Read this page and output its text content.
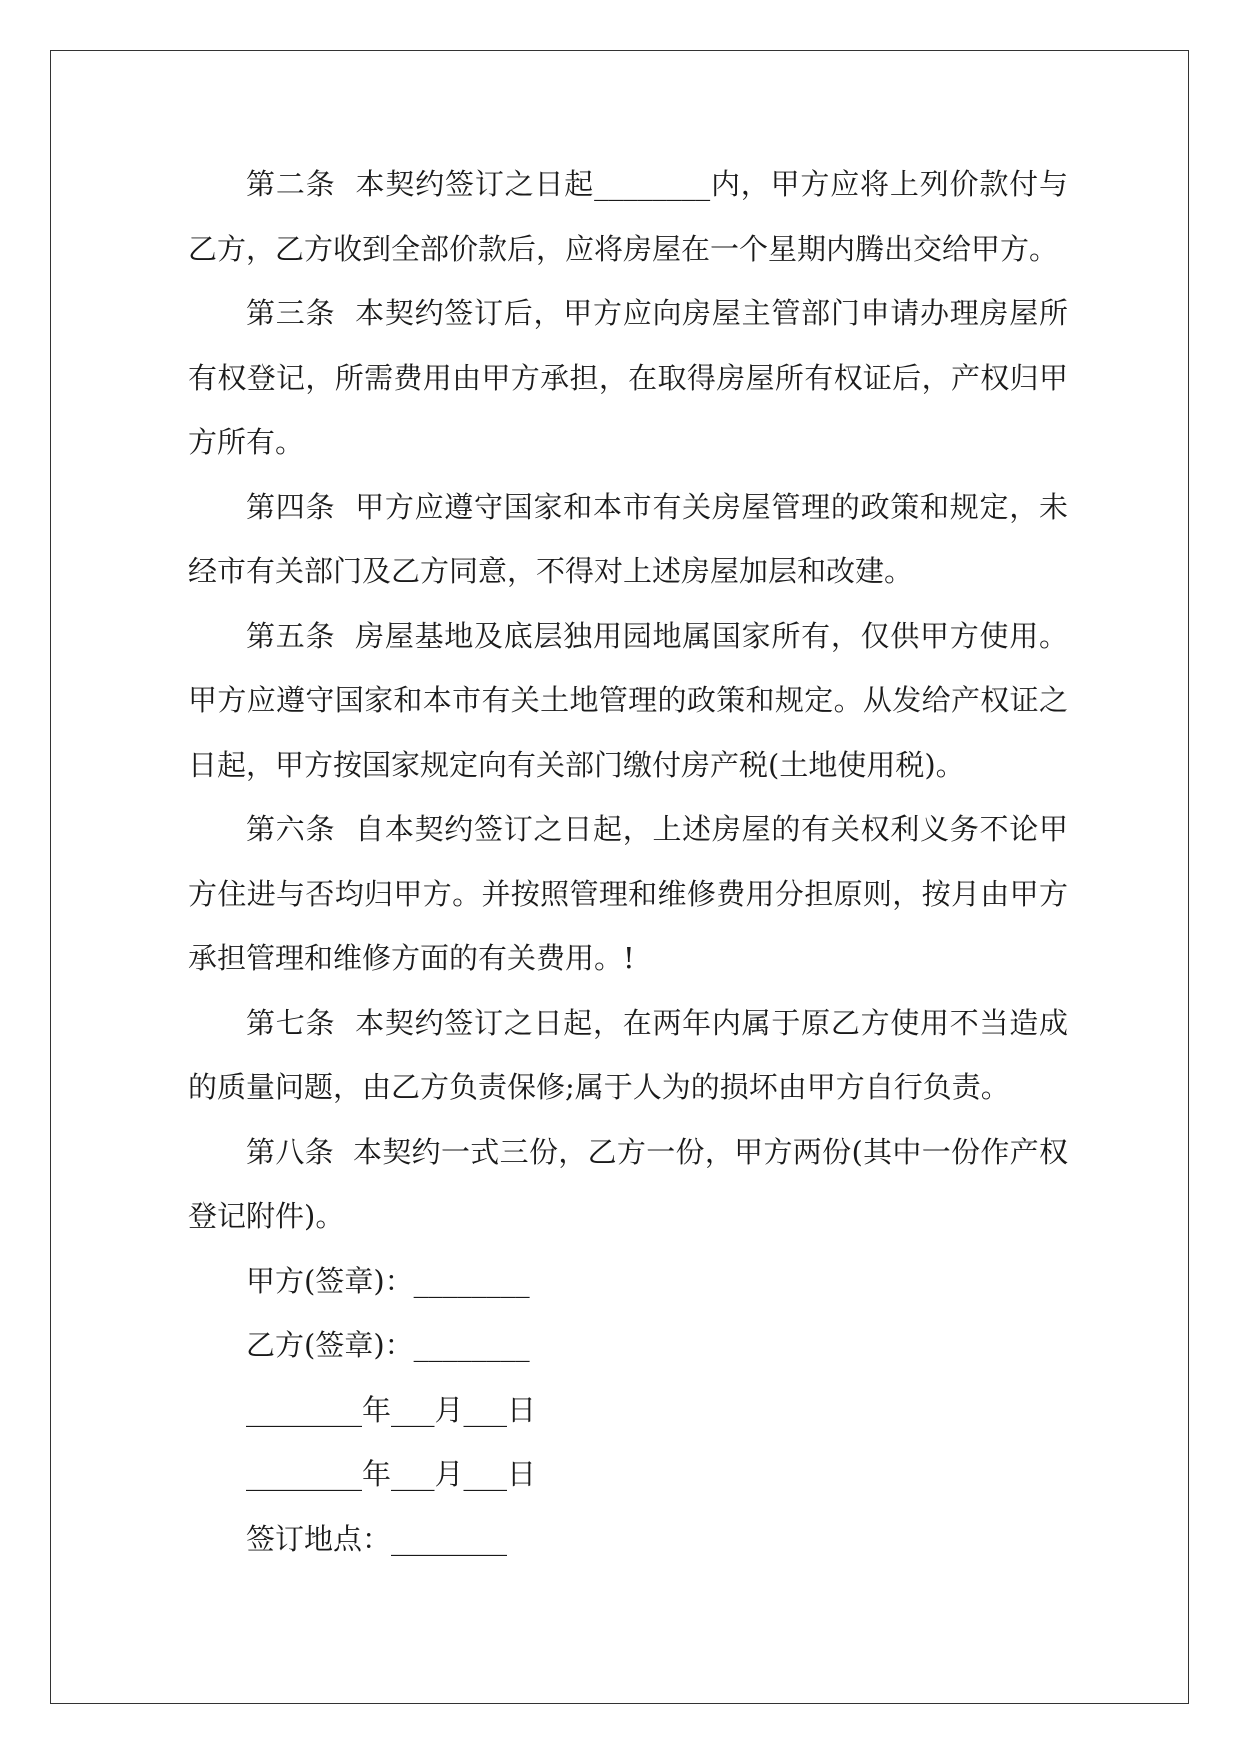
第二条  本契约签订之日起________内，甲方应将上列价款付与乙方，乙方收到全部价款后，应将房屋在一个星期内腾出交给甲方。

第三条  本契约签订后，甲方应向房屋主管部门申请办理房屋所有权登记，所需费用由甲方承担，在取得房屋所有权证后，产权归甲方所有。

第四条  甲方应遵守国家和本市有关房屋管理的政策和规定，未经市有关部门及乙方同意，不得对上述房屋加层和改建。

第五条  房屋基地及底层独用园地属国家所有，仅供甲方使用。甲方应遵守国家和本市有关土地管理的政策和规定。从发给产权证之日起，甲方按国家规定向有关部门缴付房产税(土地使用税)。

第六条  自本契约签订之日起，上述房屋的有关权利义务不论甲方住进与否均归甲方。并按照管理和维修费用分担原则，按月由甲方承担管理和维修方面的有关费用。!

第七条  本契约签订之日起，在两年内属于原乙方使用不当造成的质量问题，由乙方负责保修;属于人为的损坏由甲方自行负责。

第八条  本契约一式三份，乙方一份，甲方两份(其中一份作产权登记附件)。

甲方(签章)：________

乙方(签章)：________

________年___月___日

________年___月___日

签订地点：________
